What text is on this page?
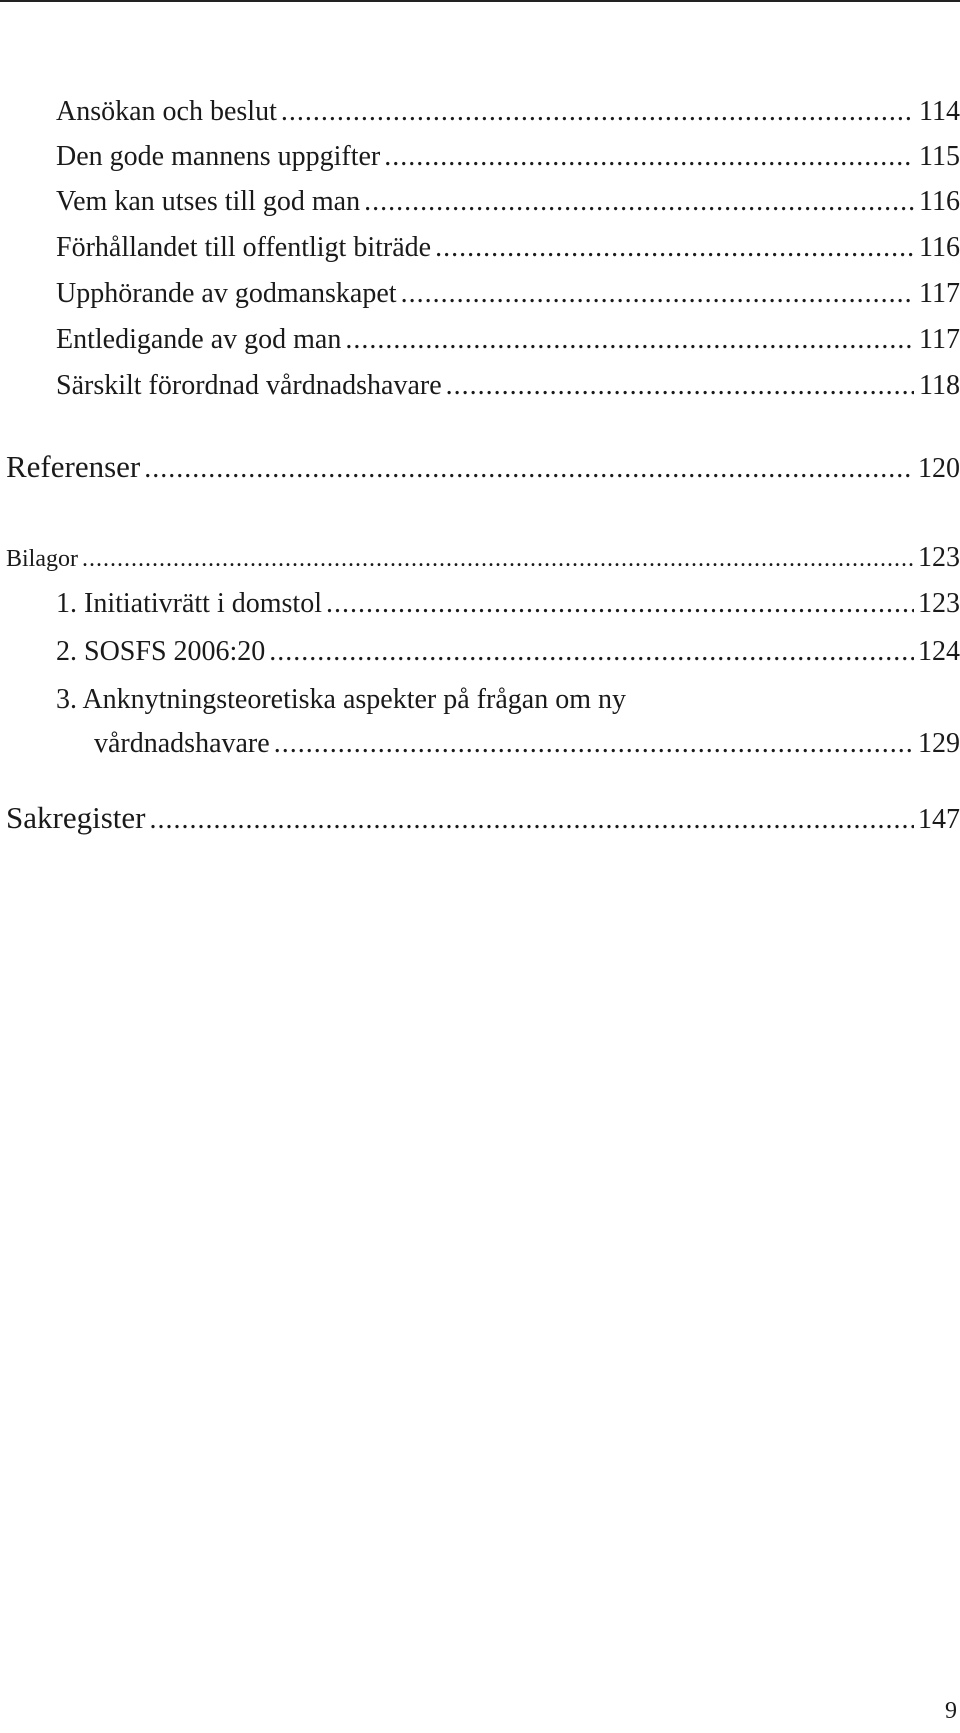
Ansökan och beslut .....	114
Den gode mannens uppgifter .....	115
Vem kan utses till god man .....	116
Förhållandet till offentligt biträde .....	116
Upphörande av godmanskapet .....	117
Entledigande av god man .....	117
Särskilt förordnad vårdnadshavare .....	118
Referenser .....	120
Bilagor .....	123
1. Initiativrätt i domstol .....	123
2. SOSFS 2006:20 .....	124
3. Anknytningsteoretiska aspekter på frågan om ny
vårdnadshavare .....	129
Sakregister .....	147
9
